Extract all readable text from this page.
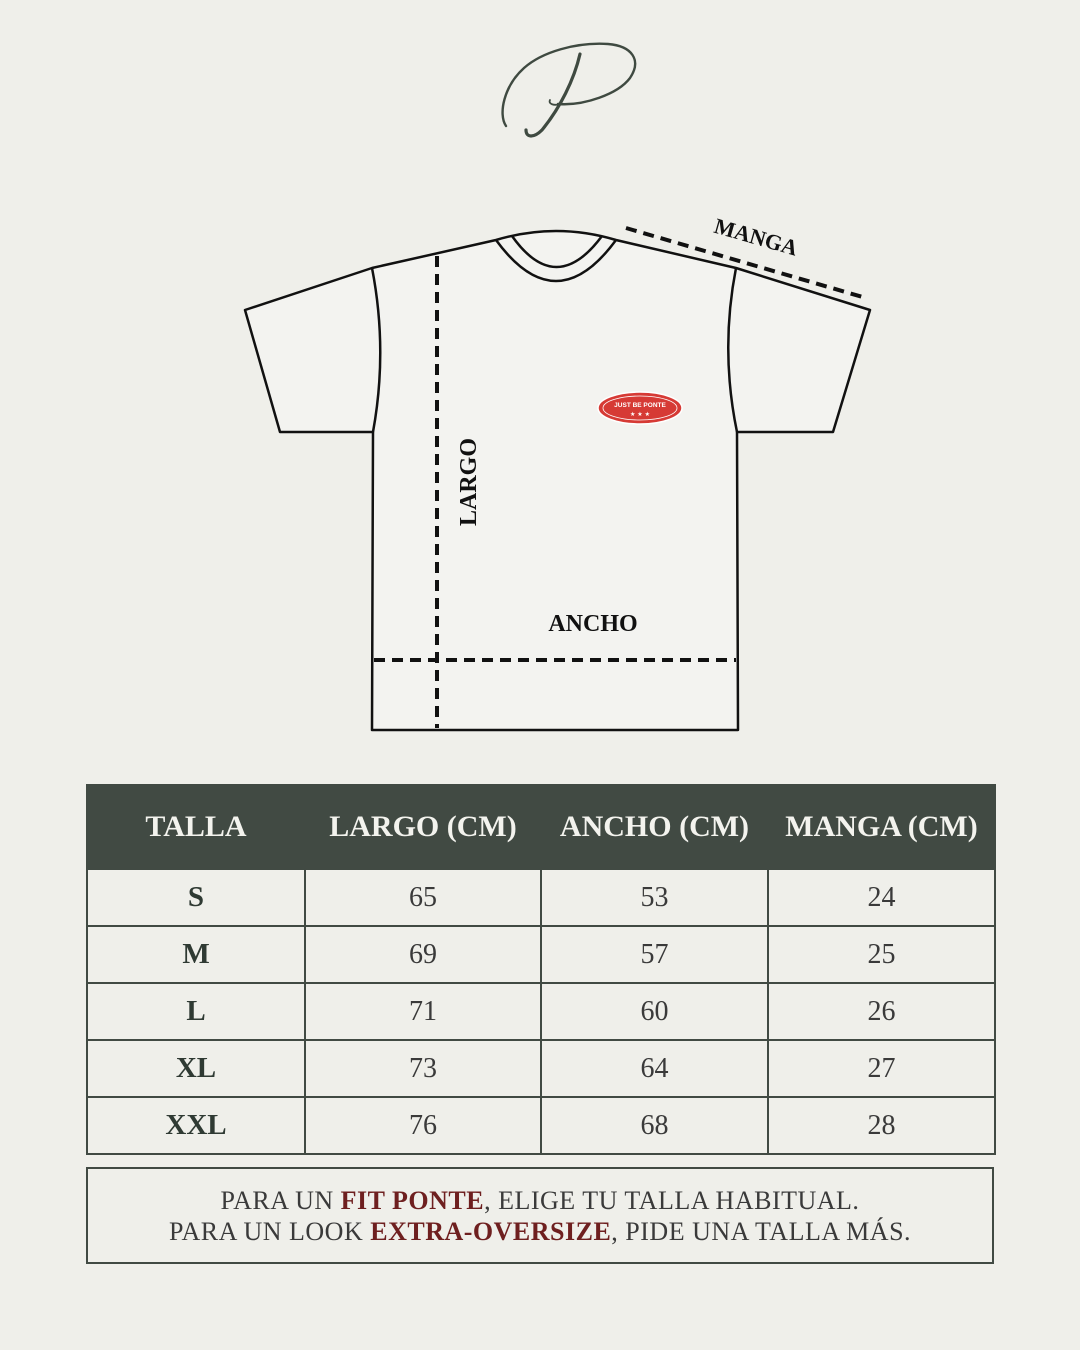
LARGO
ANCHO
MANGA
JUST BE PONTE
★ ★ ★
TALLA	LARGO (CM)	ANCHO (CM)	MANGA (CM)
S	65	53	24
M	69	57	25
L	71	60	26
XL	73	64	27
XXL	76	68	28
PARA UN FIT PONTE, ELIGE TU TALLA HABITUAL.
PARA UN LOOK EXTRA-OVERSIZE, PIDE UNA TALLA MÁS.
